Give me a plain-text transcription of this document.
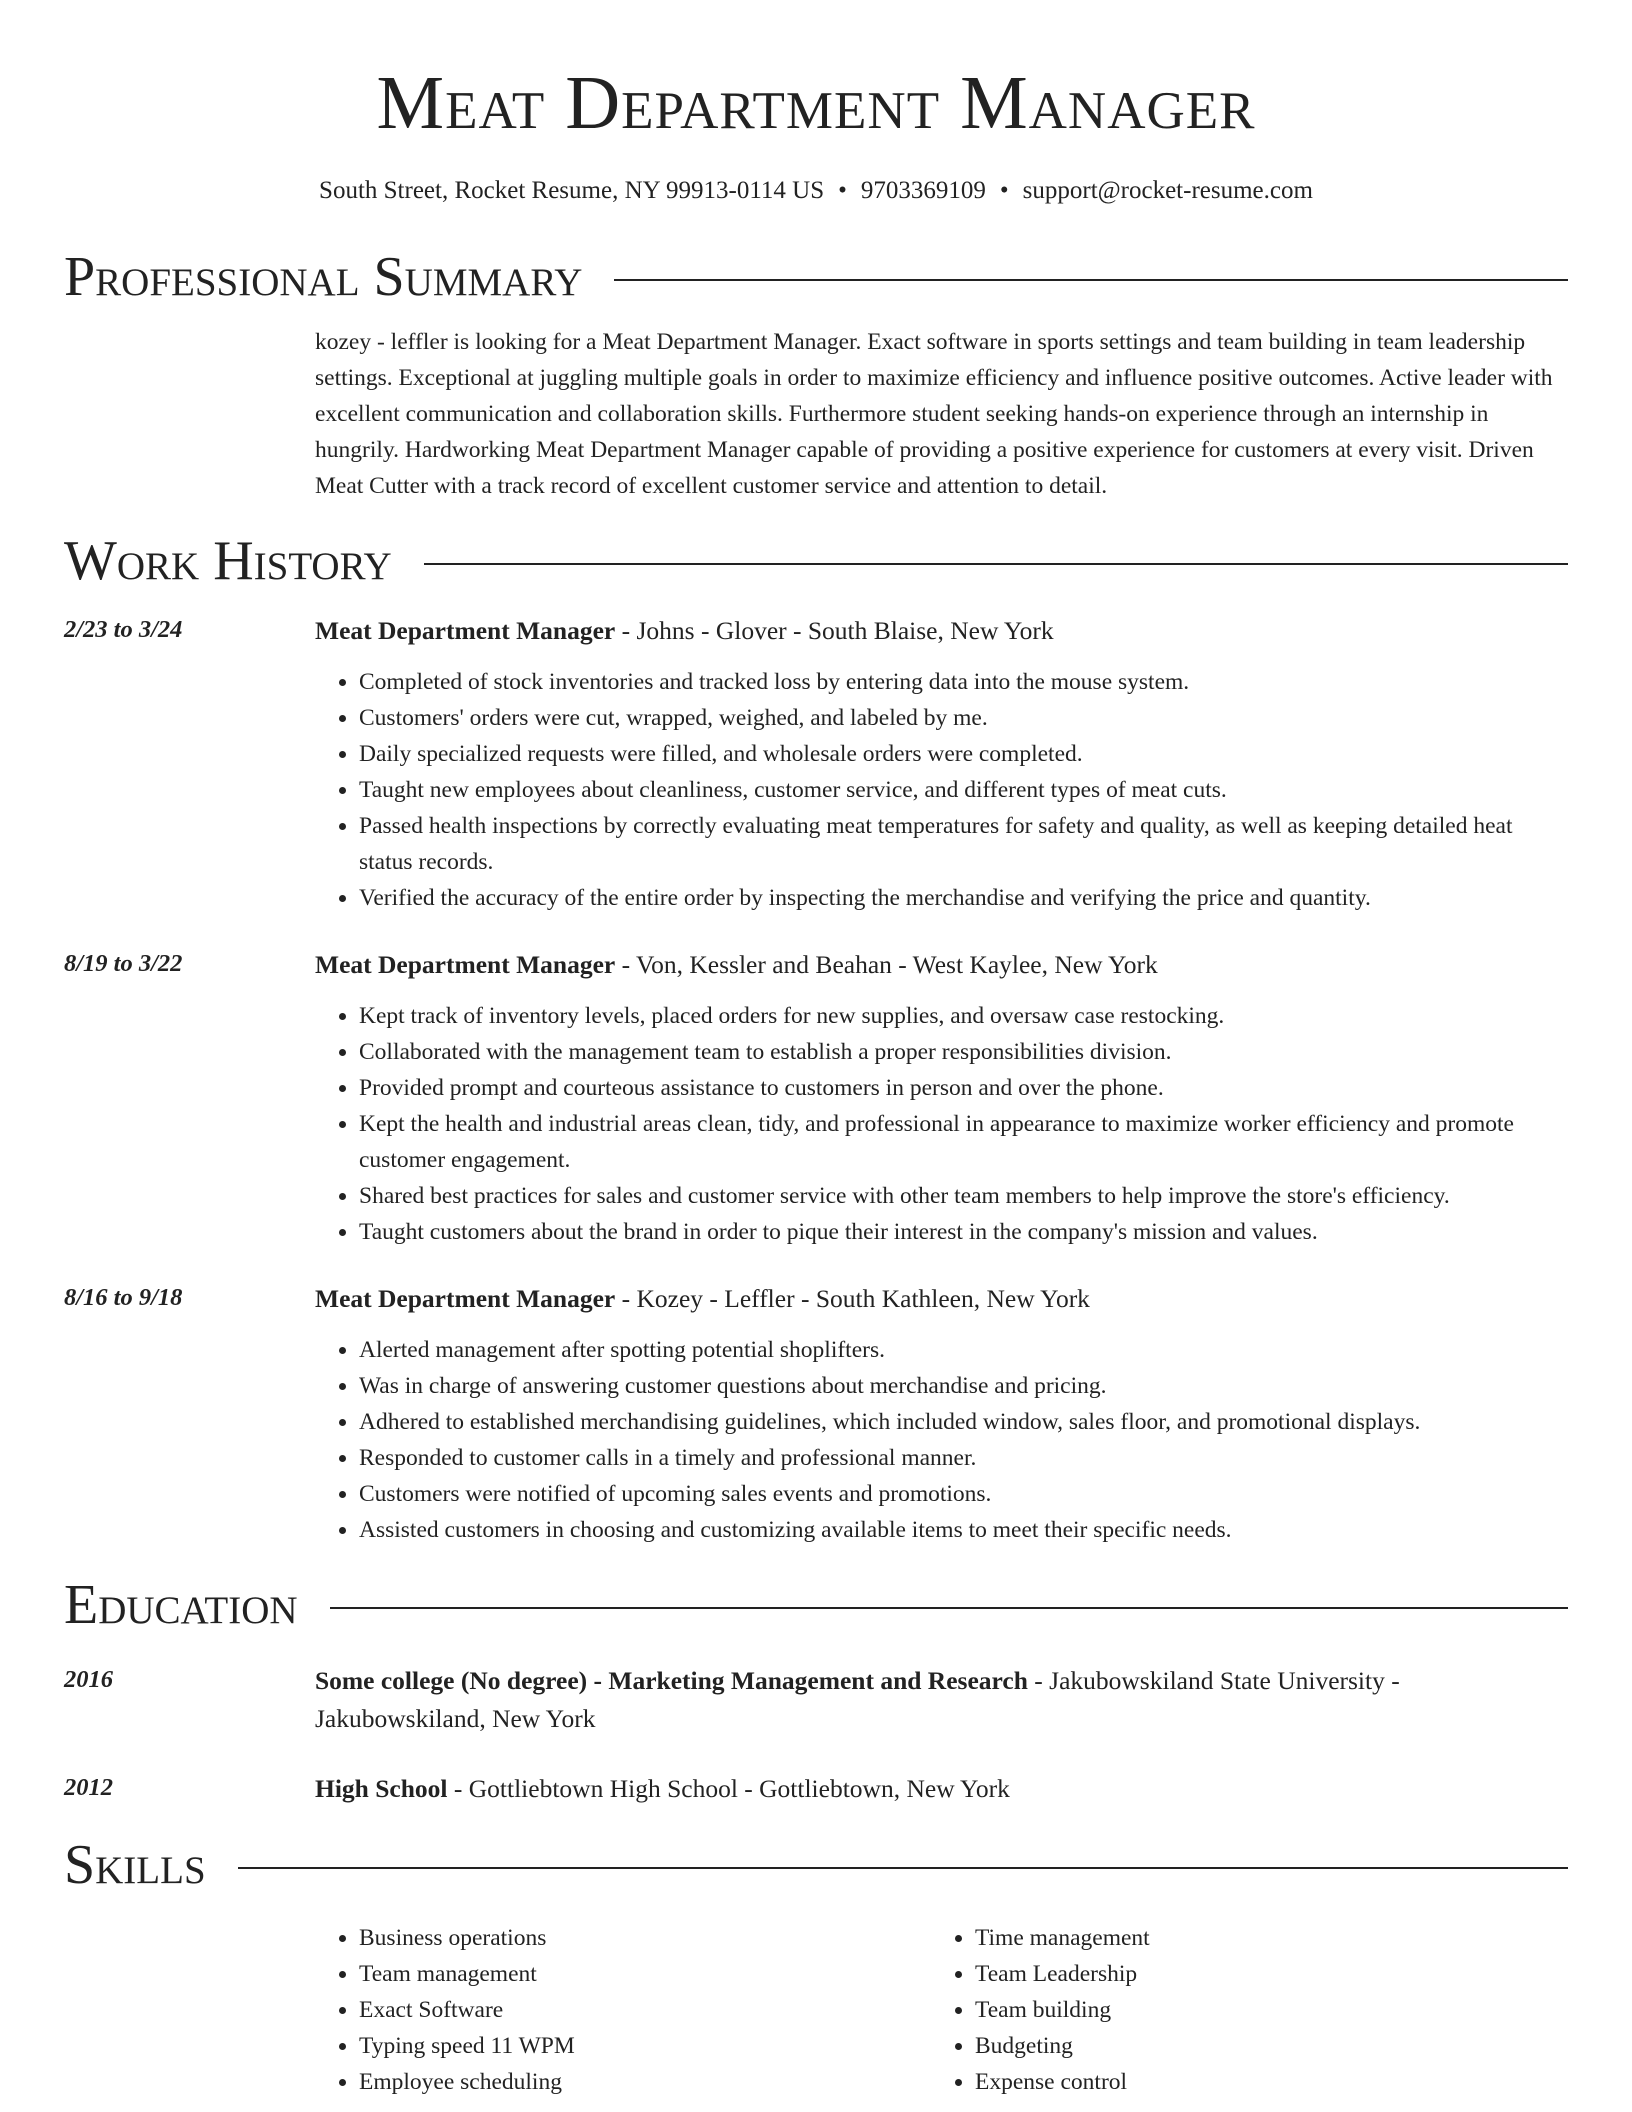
Meat Department Manager
South Street, Rocket Resume, NY 99913-0114 US • 9703369109 • support@rocket-resume.com
Professional Summary
kozey - leffler is looking for a Meat Department Manager. Exact software in sports settings and team building in team leadership settings. Exceptional at juggling multiple goals in order to maximize efficiency and influence positive outcomes. Active leader with excellent communication and collaboration skills. Furthermore student seeking hands-on experience through an internship in hungrily. Hardworking Meat Department Manager capable of providing a positive experience for customers at every visit. Driven Meat Cutter with a track record of excellent customer service and attention to detail.
Work History
2/23 to 3/24	Meat Department Manager - Johns - Glover - South Blaise, New York
• Completed of stock inventories and tracked loss by entering data into the mouse system.
• Customers' orders were cut, wrapped, weighed, and labeled by me.
• Daily specialized requests were filled, and wholesale orders were completed.
• Taught new employees about cleanliness, customer service, and different types of meat cuts.
• Passed health inspections by correctly evaluating meat temperatures for safety and quality, as well as keeping detailed heat status records.
• Verified the accuracy of the entire order by inspecting the merchandise and verifying the price and quantity.
8/19 to 3/22	Meat Department Manager - Von, Kessler and Beahan - West Kaylee, New York
• Kept track of inventory levels, placed orders for new supplies, and oversaw case restocking.
• Collaborated with the management team to establish a proper responsibilities division.
• Provided prompt and courteous assistance to customers in person and over the phone.
• Kept the health and industrial areas clean, tidy, and professional in appearance to maximize worker efficiency and promote customer engagement.
• Shared best practices for sales and customer service with other team members to help improve the store's efficiency.
• Taught customers about the brand in order to pique their interest in the company's mission and values.
8/16 to 9/18	Meat Department Manager - Kozey - Leffler - South Kathleen, New York
• Alerted management after spotting potential shoplifters.
• Was in charge of answering customer questions about merchandise and pricing.
• Adhered to established merchandising guidelines, which included window, sales floor, and promotional displays.
• Responded to customer calls in a timely and professional manner.
• Customers were notified of upcoming sales events and promotions.
• Assisted customers in choosing and customizing available items to meet their specific needs.
Education
2016	Some college (No degree) - Marketing Management and Research - Jakubowskiland State University - Jakubowskiland, New York
2012	High School - Gottliebtown High School - Gottliebtown, New York
Skills
• Business operations
• Team management
• Exact Software
• Typing speed 11 WPM
• Employee scheduling
• Time management
• Team Leadership
• Team building
• Budgeting
• Expense control
